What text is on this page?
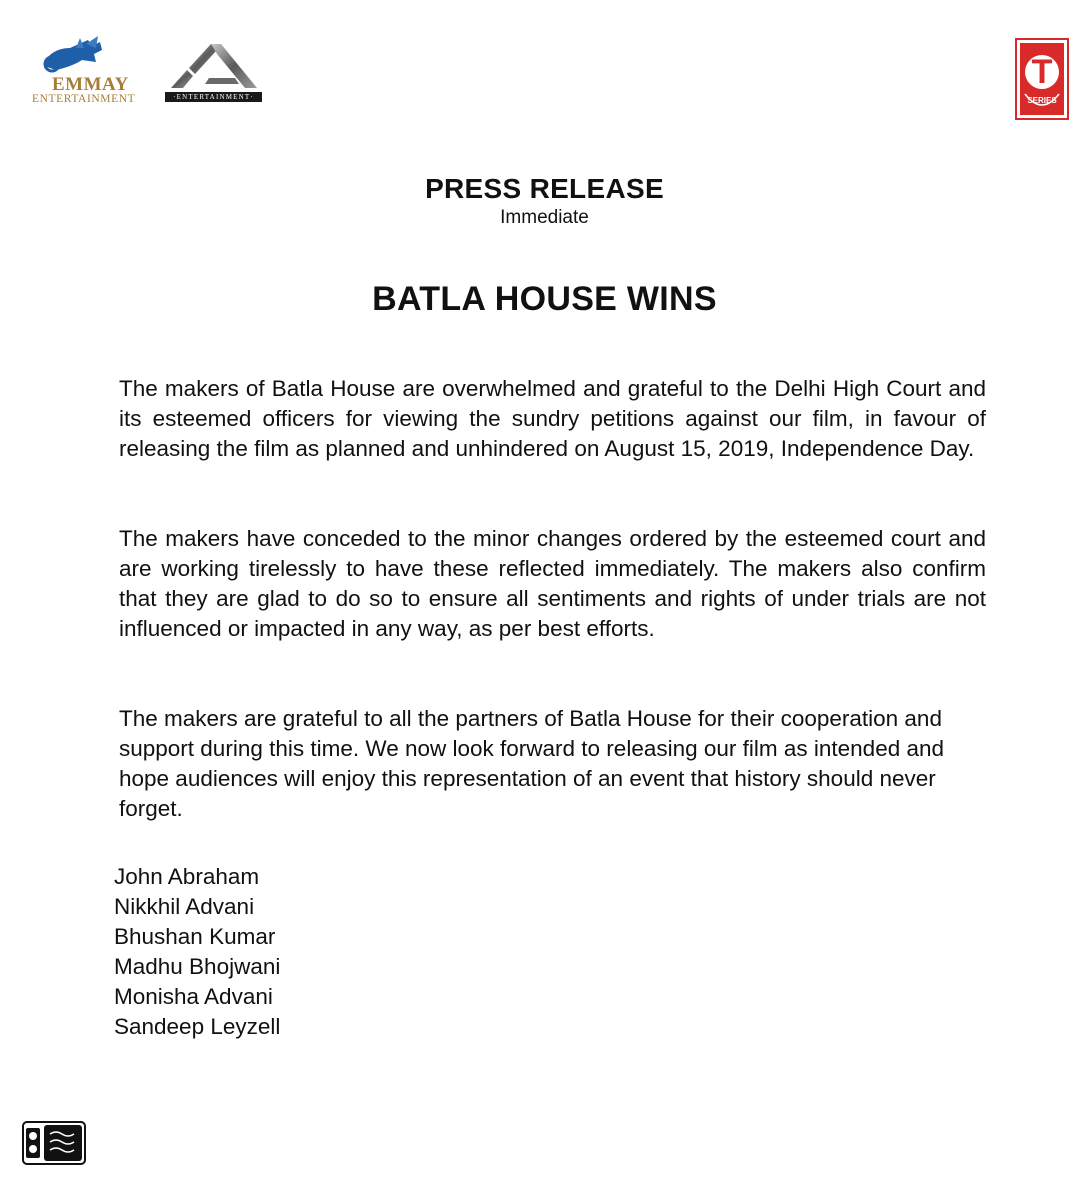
EMMAY
ENTERTAINMENT	·ENTERTAINMENT·
T
SERIES
PRESS RELEASE
Immediate
BATLA HOUSE WINS

The makers of Batla House are overwhelmed and grateful to the Delhi High Court and its esteemed officers for viewing the sundry petitions against our film, in favour of releasing the film as planned and unhindered on August 15, 2019, Independence Day.

The makers have conceded to the minor changes ordered by the esteemed court and are working tirelessly to have these reflected immediately. The makers also confirm that they are glad to do so to ensure all sentiments and rights of under trials are not influenced or impacted in any way, as per best efforts.

The makers are grateful to all the partners of Batla House for their cooperation and support during this time. We now look forward to releasing our film as intended and hope audiences will enjoy this representation of an event that history should never forget.

John Abraham
Nikkhil Advani
Bhushan Kumar
Madhu Bhojwani
Monisha Advani
Sandeep Leyzell
